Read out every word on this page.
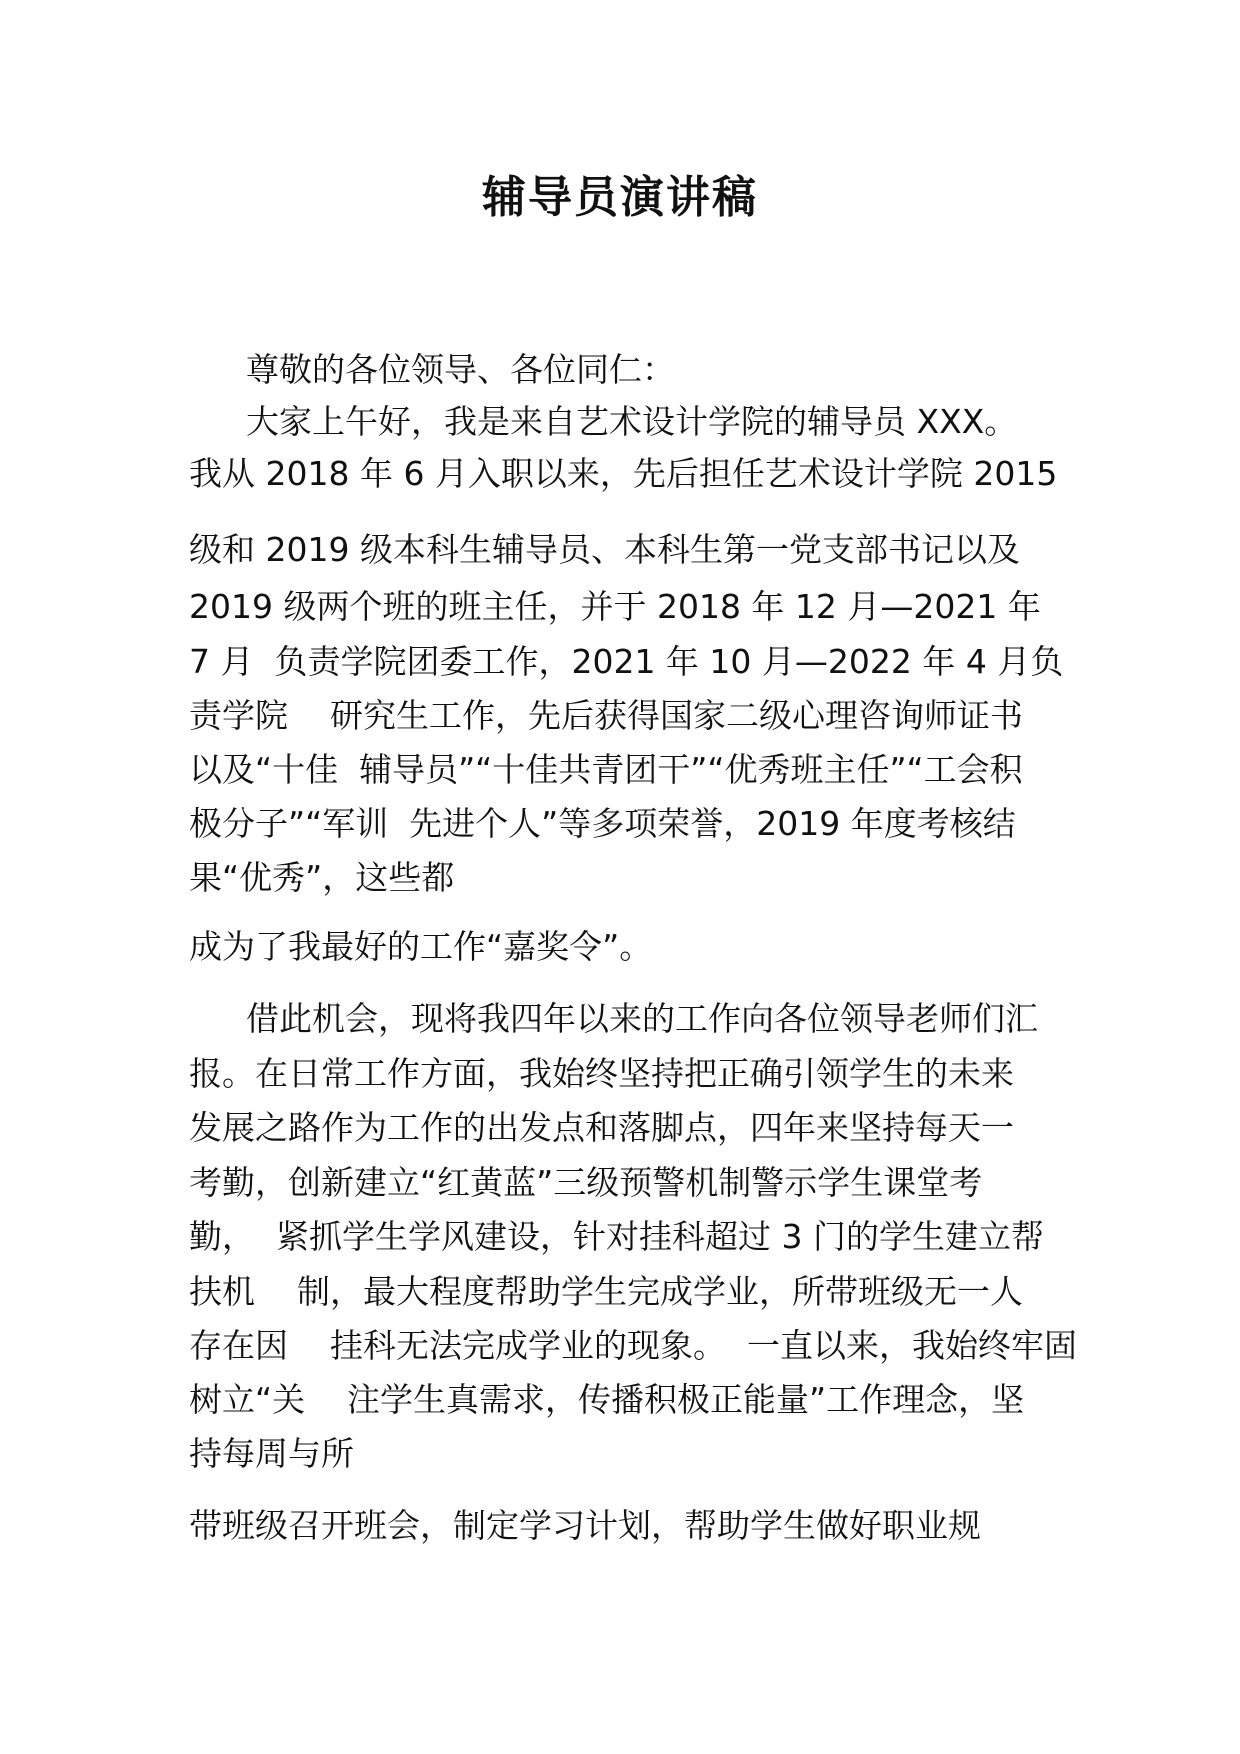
辅导员演讲稿

尊敬的各位领导、各位同仁：

大家上午好，我是来自艺术设计学院的辅导员 XXX。

我从 2018 年 6 月入职以来，先后担任艺术设计学院 2015

级和 2019 级本科生辅导员、本科生第一党支部书记以及

2019 级两个班的班主任，并于 2018 年 12 月—2021 年

7 月  负责学院团委工作，2021 年 10 月—2022 年 4 月负

责学院    研究生工作，先后获得国家二级心理咨询师证书

以及“十佳  辅导员”“十佳共青团干”“优秀班主任”“工会积

极分子”“军训  先进个人”等多项荣誉，2019 年度考核结

果“优秀”，这些都

成为了我最好的工作“嘉奖令”。

借此机会，现将我四年以来的工作向各位领导老师们汇

报。在日常工作方面，我始终坚持把正确引领学生的未来

发展之路作为工作的出发点和落脚点，四年来坚持每天一

考勤，创新建立“红黄蓝”三级预警机制警示学生课堂考

勤，  紧抓学生学风建设，针对挂科超过 3 门的学生建立帮

扶机    制，最大程度帮助学生完成学业，所带班级无一人

存在因    挂科无法完成学业的现象。  一直以来，我始终牢固

树立“关    注学生真需求，传播积极正能量”工作理念，坚

持每周与所

带班级召开班会，制定学习计划，帮助学生做好职业规
